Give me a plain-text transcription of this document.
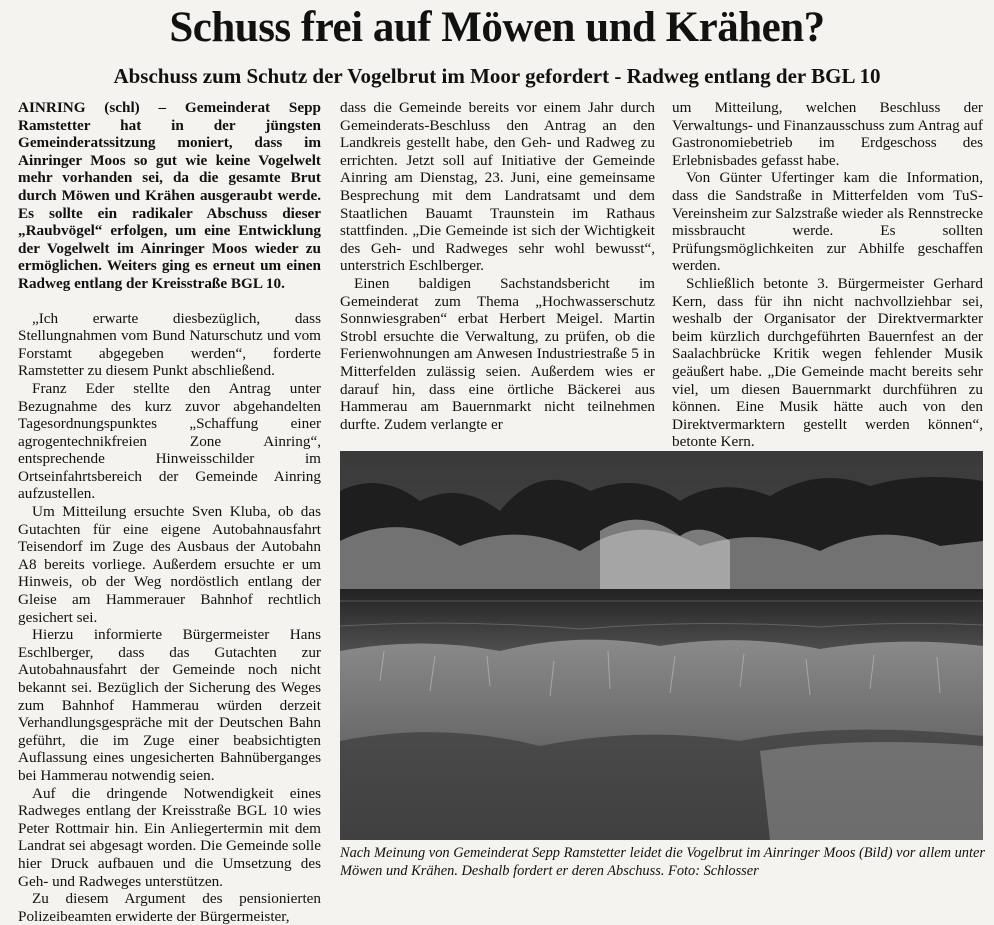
Schuss frei auf Möwen und Krähen?
Abschuss zum Schutz der Vogelbrut im Moor gefordert - Radweg entlang der BGL 10

AINRING (schl) – Gemeinderat Sepp Ramstetter hat in der jüngsten Gemeinderatssitzung moniert, dass im Ainringer Moos so gut wie keine Vogelwelt mehr vorhanden sei, da die gesamte Brut durch Möwen und Krähen ausgeraubt werde. Es sollte ein radikaler Abschuss dieser „Raubvögel“ erfolgen, um eine Entwicklung der Vogelwelt im Ainringer Moos wieder zu ermöglichen. Weiters ging es erneut um einen Radweg entlang der Kreisstraße BGL 10.

„Ich erwarte diesbezüglich, dass Stellungnahmen vom Bund Naturschutz und vom Forstamt abgegeben werden“, forderte Ramstetter zu diesem Punkt abschließend.

Franz Eder stellte den Antrag unter Bezugnahme des kurz zuvor abgehandelten Tagesordnungspunktes „Schaffung einer agrogentechnikfreien Zone Ainring“, entsprechende Hinweisschilder im Ortseinfahrtsbereich der Gemeinde Ainring aufzustellen.

Um Mitteilung ersuchte Sven Kluba, ob das Gutachten für eine eigene Autobahnausfahrt Teisendorf im Zuge des Ausbaus der Autobahn A8 bereits vorliege. Außerdem ersuchte er um Hinweis, ob der Weg nordöstlich entlang der Gleise am Hammerauer Bahnhof rechtlich gesichert sei.

Hierzu informierte Bürgermeister Hans Eschlberger, dass das Gutachten zur Autobahnausfahrt der Gemeinde noch nicht bekannt sei. Bezüglich der Sicherung des Weges zum Bahnhof Hammerau würden derzeit Verhandlungsgespräche mit der Deutschen Bahn geführt, die im Zuge einer beabsichtigten Auflassung eines ungesicherten Bahnüberganges bei Hammerau notwendig seien.

Auf die dringende Notwendigkeit eines Radweges entlang der Kreisstraße BGL 10 wies Peter Rottmair hin. Ein Anliegertermin mit dem Landrat sei abgesagt worden. Die Gemeinde solle hier Druck aufbauen und die Umsetzung des Geh- und Radweges unterstützen.

Zu diesem Argument des pensionierten Polizeibeamten erwiderte der Bürgermeister,

dass die Gemeinde bereits vor einem Jahr durch Gemeinderats-Beschluss den Antrag an den Landkreis gestellt habe, den Geh- und Radweg zu errichten. Jetzt soll auf Initiative der Gemeinde Ainring am Dienstag, 23. Juni, eine gemeinsame Besprechung mit dem Landratsamt und dem Staatlichen Bauamt Traunstein im Rathaus stattfinden. „Die Gemeinde ist sich der Wichtigkeit des Geh- und Radweges sehr wohl bewusst“, unterstrich Eschlberger.

Einen baldigen Sachstandsbericht im Gemeinderat zum Thema „Hochwasserschutz Sonnwiesgraben“ erbat Herbert Meigel. Martin Strobl ersuchte die Verwaltung, zu prüfen, ob die Ferienwohnungen am Anwesen Industriestraße 5 in Mitterfelden zulässig seien. Außerdem wies er darauf hin, dass eine örtliche Bäckerei aus Hammerau am Bauernmarkt nicht teilnehmen durfte. Zudem verlangte er

um Mitteilung, welchen Beschluss der Verwaltungs- und Finanzausschuss zum Antrag auf Gastronomiebetrieb im Erdgeschoss des Erlebnisbades gefasst habe.

Von Günter Ufertinger kam die Information, dass die Sandstraße in Mitterfelden vom TuS-Vereinsheim zur Salzstraße wieder als Rennstrecke missbraucht werde. Es sollten Prüfungsmöglichkeiten zur Abhilfe geschaffen werden.

Schließlich betonte 3. Bürgermeister Gerhard Kern, dass für ihn nicht nachvollziehbar sei, weshalb der Organisator der Direktvermarkter beim kürzlich durchgeführten Bauernfest an der Saalachbrücke Kritik wegen fehlender Musik geäußert habe. „Die Gemeinde macht bereits sehr viel, um diesen Bauernmarkt durchführen zu können. Eine Musik hätte auch von den Direktvermarktern gestellt werden können“, betonte Kern.

Nach Meinung von Gemeinderat Sepp Ramstetter leidet die Vogelbrut im Ainringer Moos (Bild) vor allem unter Möwen und Krähen. Deshalb fordert er deren Abschuss. Foto: Schlosser
